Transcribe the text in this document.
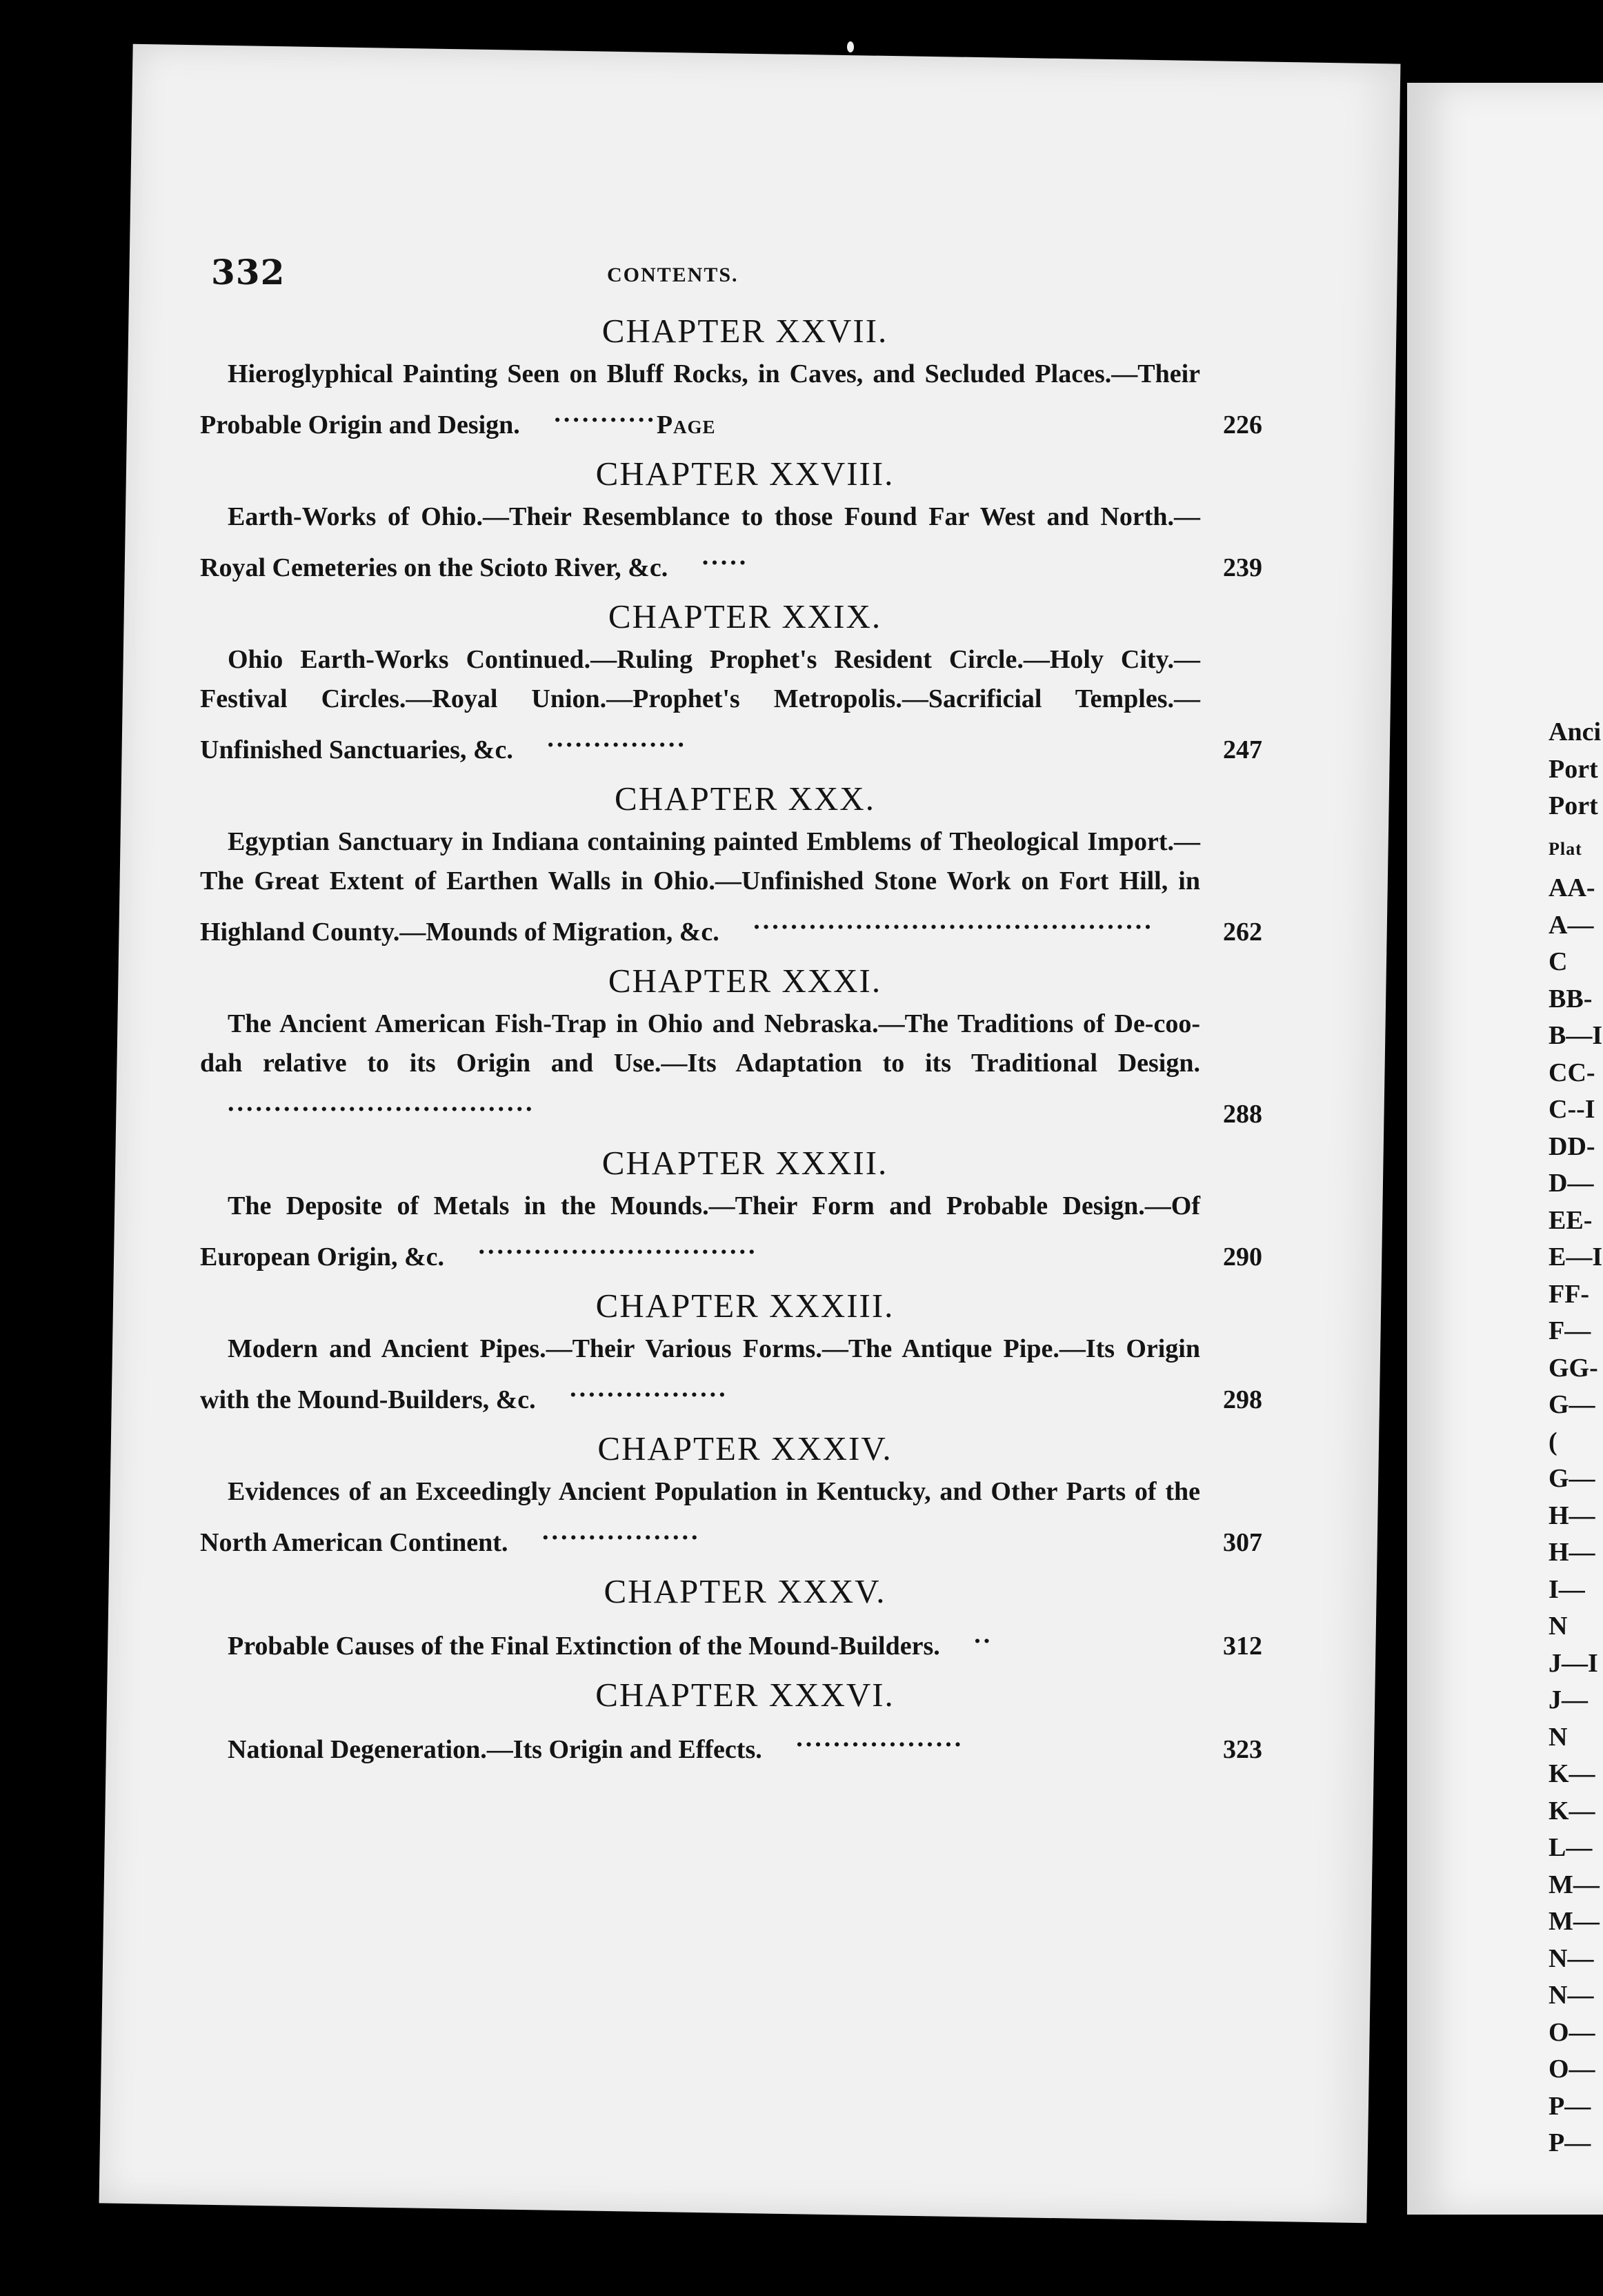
332	CONTENTS.
CHAPTER XXVII.
Hieroglyphical Painting Seen on Bluff Rocks, in Caves, and Secluded Places.—Their Probable Origin and Design. ...........Page	226
CHAPTER XXVIII.
Earth-Works of Ohio.—Their Resemblance to those Found Far West and North.—Royal Cemeteries on the Scioto River, &c. .....	239
CHAPTER XXIX.
Ohio Earth-Works Continued.—Ruling Prophet's Resident Circle.—Holy City.—Festival Circles.—Royal Union.—Prophet's Metropolis.—Sacrificial Temples.—Unfinished Sanctuaries, &c. ...............	247
CHAPTER XXX.
Egyptian Sanctuary in Indiana containing painted Emblems of Theological Import.—The Great Extent of Earthen Walls in Ohio.—Unfinished Stone Work on Fort Hill, in Highland County.—Mounds of Migration, &c. ...........................................	262
CHAPTER XXXI.
The Ancient American Fish-Trap in Ohio and Nebraska.—The Traditions of De-coo-dah relative to its Origin and Use.—Its Adaptation to its Traditional Design. .................................	288
CHAPTER XXXII.
The Deposite of Metals in the Mounds.—Their Form and Probable Design.—Of European Origin, &c. ..............................	290
CHAPTER XXXIII.
Modern and Ancient Pipes.—Their Various Forms.—The Antique Pipe.—Its Origin with the Mound-Builders, &c. .................	298
CHAPTER XXXIV.
Evidences of an Exceedingly Ancient Population in Kentucky, and Other Parts of the North American Continent. .................	307
CHAPTER XXXV.
Probable Causes of the Final Extinction of the Mound-Builders. ..	312
CHAPTER XXXVI.
National Degeneration.—Its Origin and Effects. ..................	323
Anci
Port
Port
Plat
AA-
A—C
BB-
B—I
CC-
C--I
DD-
D—
EE-
E—I
FF-
F—
GG-
G—(
G—
H—
H—
I—N
J—I
J—N
K—
K—
L—
M—
M—
N—
N—
O—
O—
P—
P—
